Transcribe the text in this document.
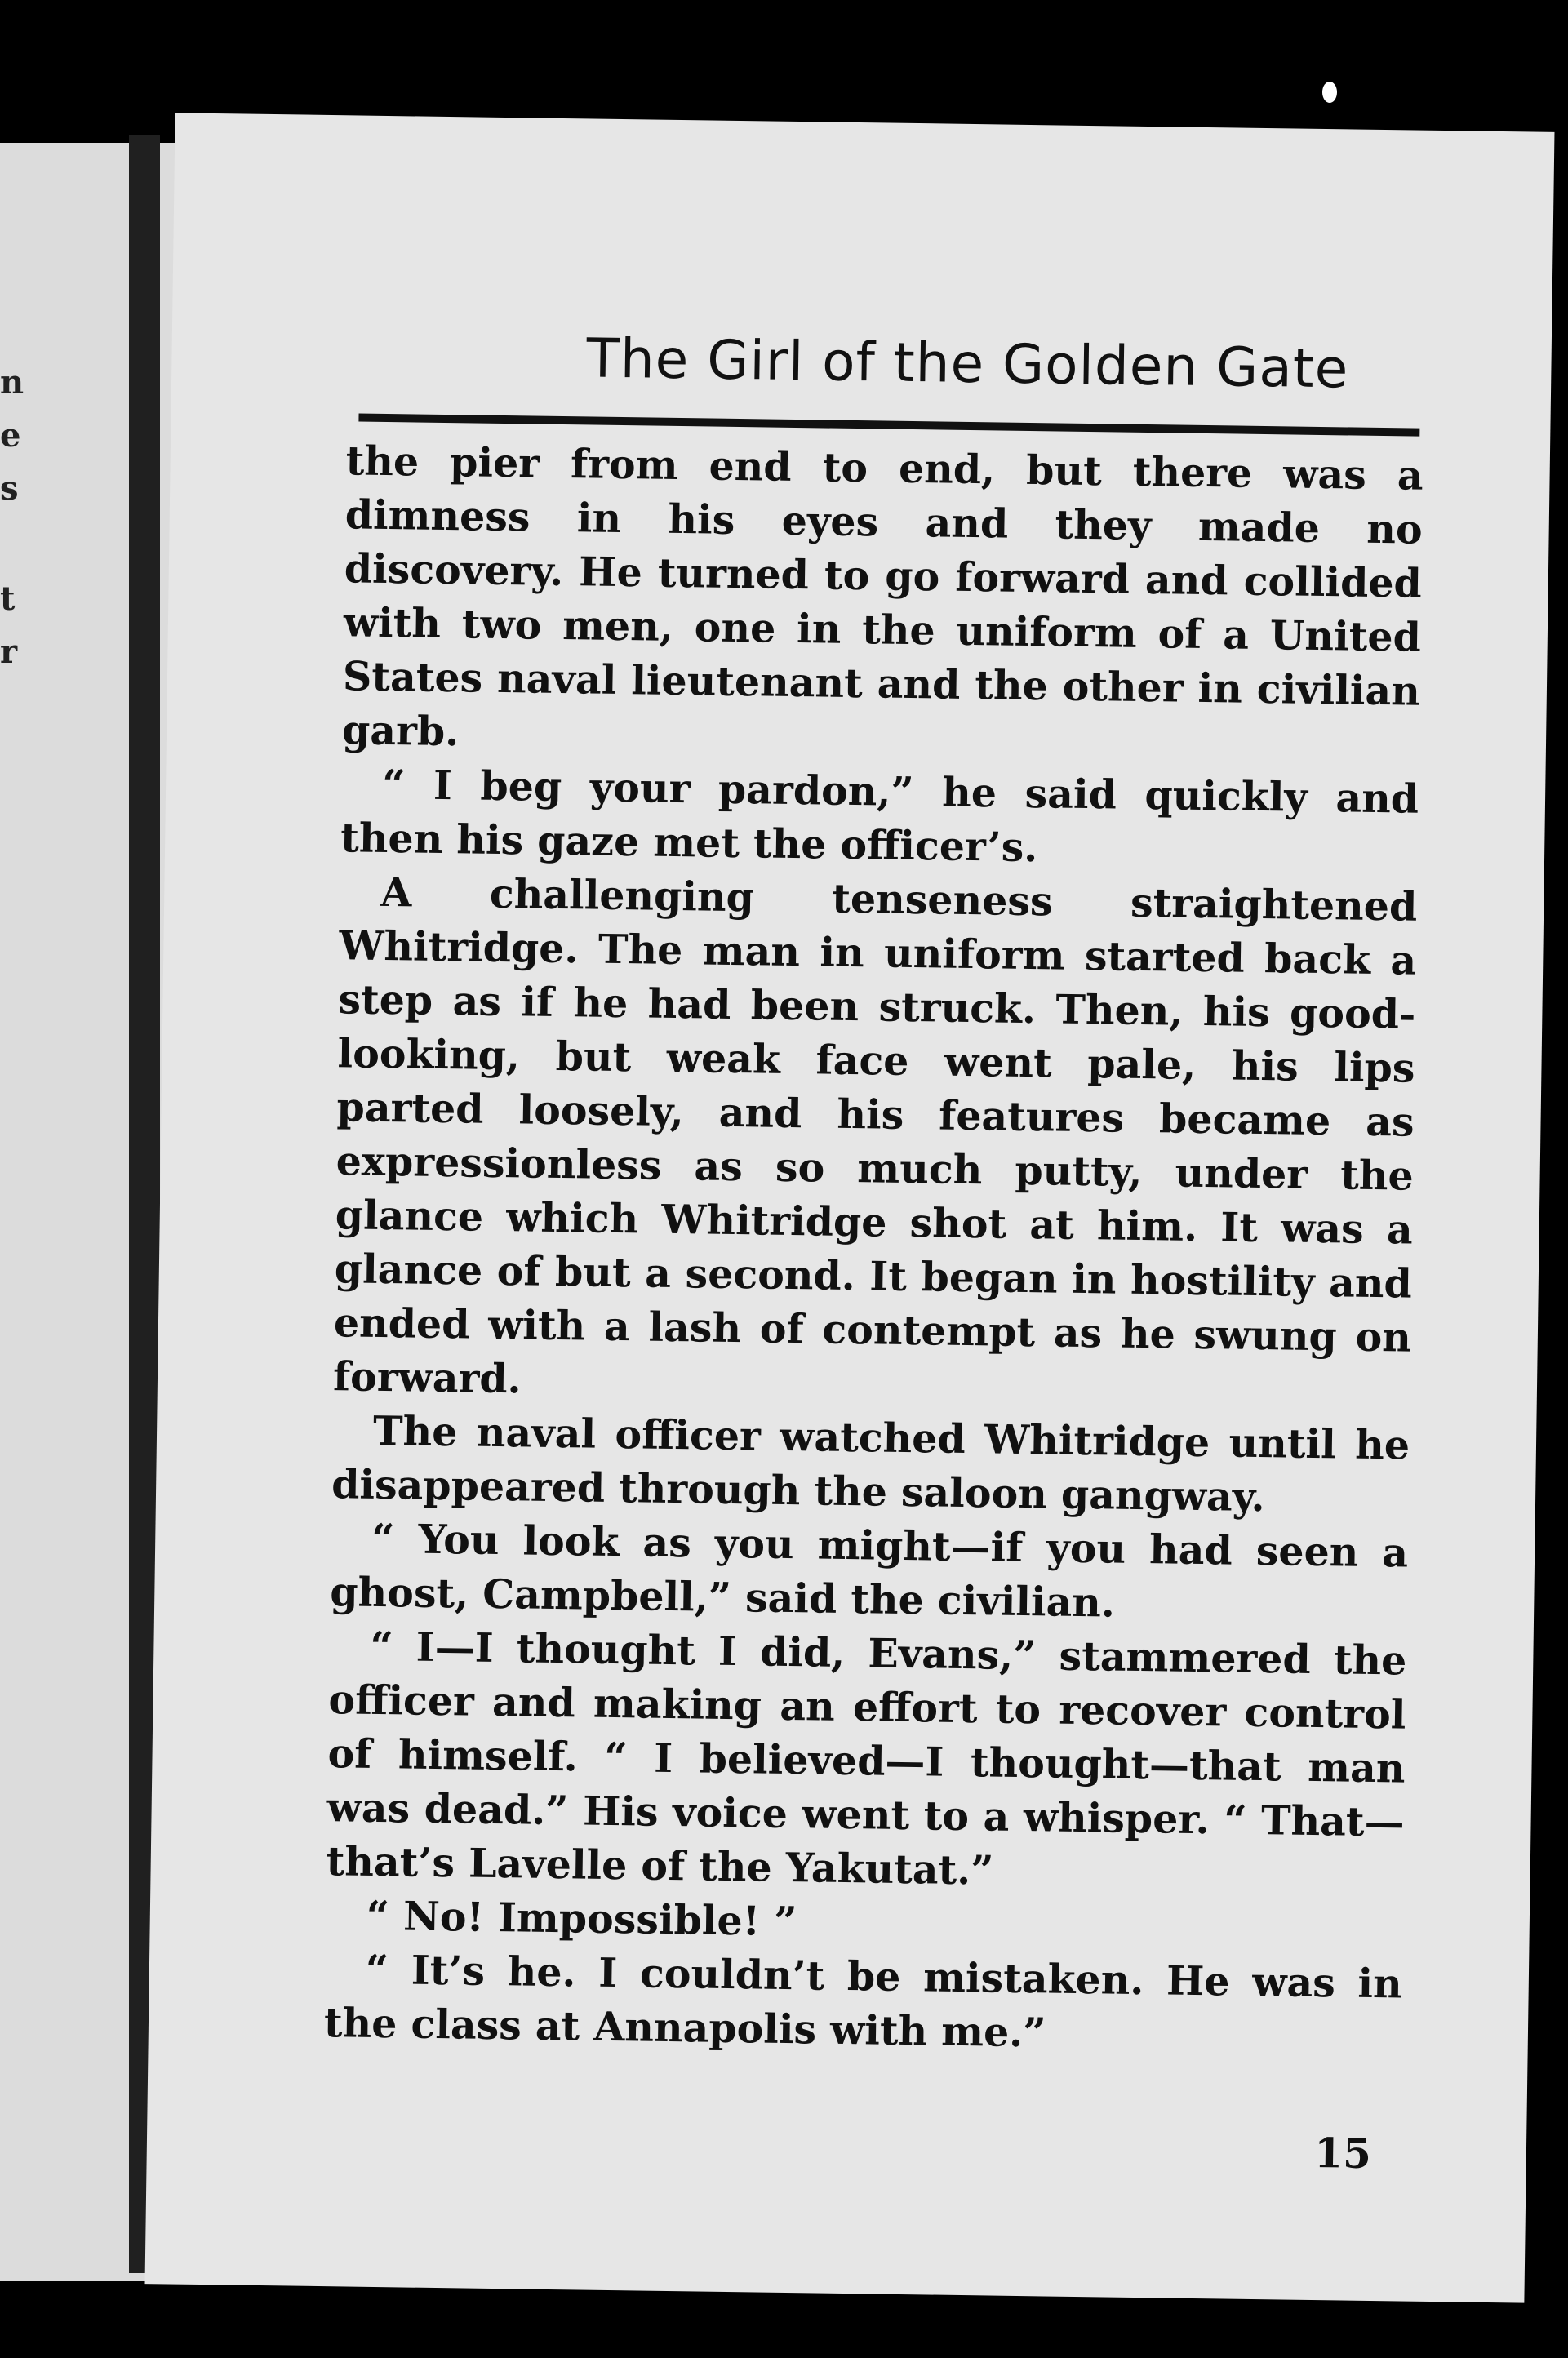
n
e
s
t
r
The Girl of the Golden Gate

the pier from end to end, but there was a dimness in his eyes and they made no discovery. He turned to go forward and collided with two men, one in the uniform of a United States naval lieutenant and the other in civilian garb.

“ I beg your pardon,” he said quickly and then his gaze met the officer’s.

A challenging tenseness straightened Whitridge. The man in uniform started back a step as if he had been struck. Then, his good-looking, but weak face went pale, his lips parted loosely, and his features became as expressionless as so much putty, under the glance which Whitridge shot at him. It was a glance of but a second. It began in hostility and ended with a lash of contempt as he swung on forward.

The naval officer watched Whitridge until he disappeared through the saloon gangway.

“ You look as you might—if you had seen a ghost, Campbell,” said the civilian.

“ I—I thought I did, Evans,” stammered the officer and making an effort to recover control of himself. “ I believed—I thought—that man was dead.” His voice went to a whisper. “ That—that’s Lavelle of the Yakutat.”

“ No! Impossible! ”

“ It’s he. I couldn’t be mistaken. He was in the class at Annapolis with me.”

15
